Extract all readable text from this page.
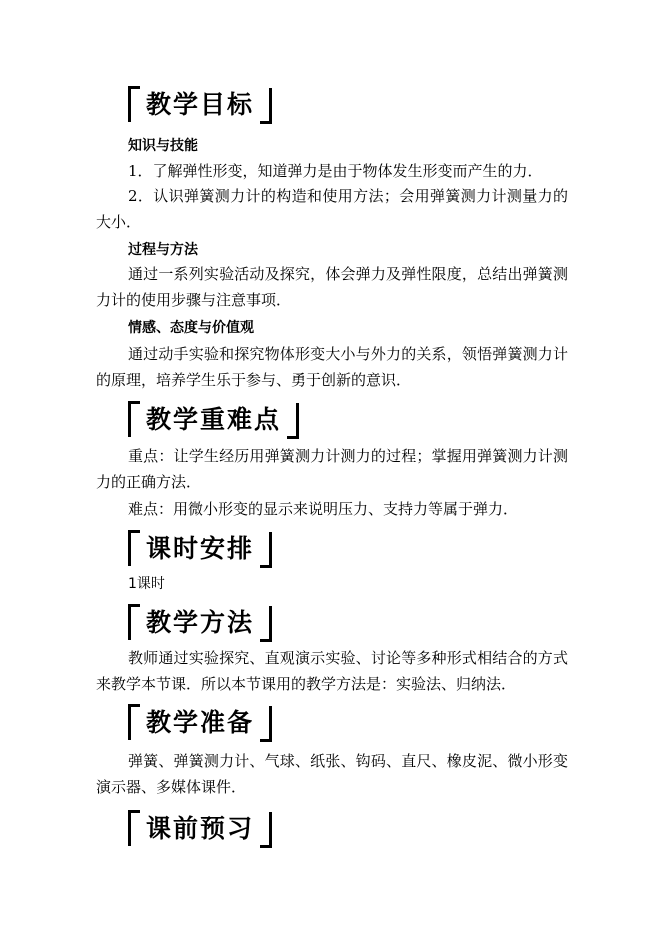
教学目标
知识与技能
1．了解弹性形变，知道弹力是由于物体发生形变而产生的力．
2．认识弹簧测力计的构造和使用方法；会用弹簧测力计测量力的大小．
过程与方法
通过一系列实验活动及探究，体会弹力及弹性限度，总结出弹簧测力计的使用步骤与注意事项．
情感、态度与价值观
通过动手实验和探究物体形变大小与外力的关系，领悟弹簧测力计的原理，培养学生乐于参与、勇于创新的意识．
教学重难点
重点：让学生经历用弹簧测力计测力的过程；掌握用弹簧测力计测力的正确方法．
难点：用微小形变的显示来说明压力、支持力等属于弹力．
课时安排
1课时
教学方法
教师通过实验探究、直观演示实验、讨论等多种形式相结合的方式来教学本节课．所以本节课用的教学方法是：实验法、归纳法．
教学准备
弹簧、弹簧测力计、气球、纸张、钩码、直尺、橡皮泥、微小形变演示器、多媒体课件．
课前预习
